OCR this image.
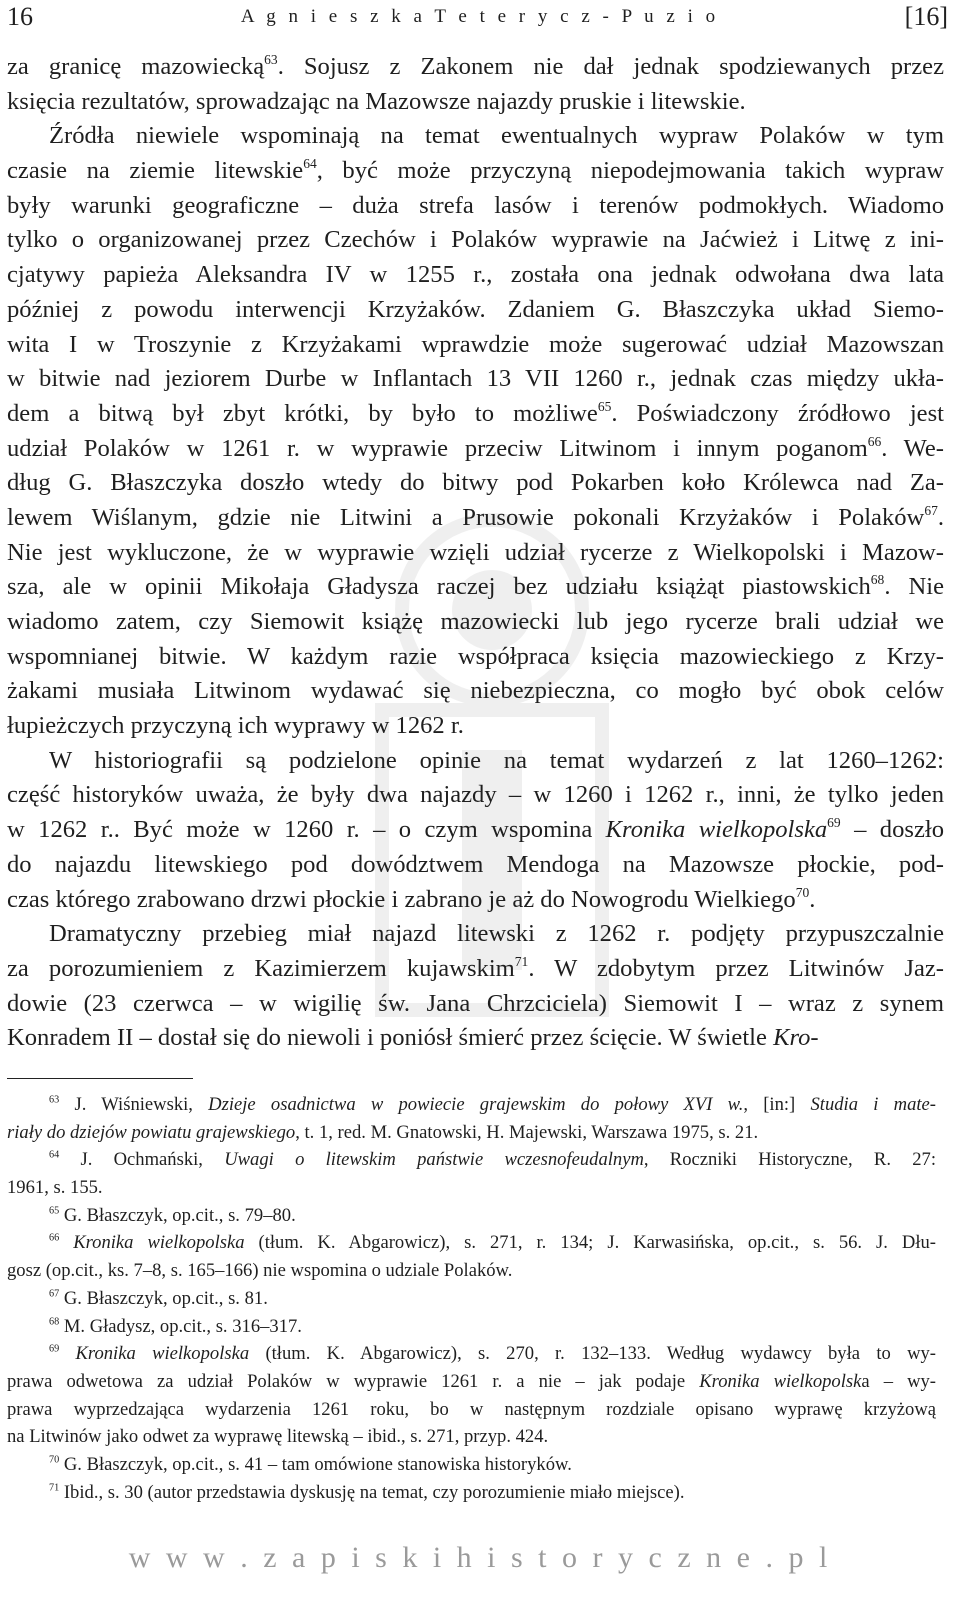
16	A g n i e s z k a T e t e r y c z - P u z i o	[16]
za granicę mazowiecką$^{63}$. Sojusz z Zakonem nie dał jednak spodziewanych przez
księcia rezultatów, sprowadzając na Mazowsze najazdy pruskie i litewskie.
Źródła niewiele wspominają na temat ewentualnych wypraw Polaków w tym
czasie na ziemie litewskie$^{64}$, być może przyczyną niepodejmowania takich wypraw
były warunki geograficzne – duża strefa lasów i terenów podmokłych. Wiadomo
tylko o organizowanej przez Czechów i Polaków wyprawie na Jaćwież i Litwę z ini-
cjatywy papieża Aleksandra IV w 1255 r., została ona jednak odwołana dwa lata
później z powodu interwencji Krzyżaków. Zdaniem G. Błaszczyka układ Siemo-
wita I w Troszynie z Krzyżakami wprawdzie może sugerować udział Mazowszan
w bitwie nad jeziorem Durbe w Inflantach 13 VII 1260 r., jednak czas między ukła-
dem a bitwą był zbyt krótki, by było to możliwe$^{65}$. Poświadczony źródłowo jest
udział Polaków w 1261 r. w wyprawie przeciw Litwinom i innym poganom$^{66}$. We-
dług G. Błaszczyka doszło wtedy do bitwy pod Pokarben koło Królewca nad Za-
lewem Wiślanym, gdzie nie Litwini a Prusowie pokonali Krzyżaków i Polaków$^{67}$.
Nie jest wykluczone, że w wyprawie wzięli udział rycerze z Wielkopolski i Mazow-
sza, ale w opinii Mikołaja Gładysza raczej bez udziału książąt piastowskich$^{68}$. Nie
wiadomo zatem, czy Siemowit książę mazowiecki lub jego rycerze brali udział we
wspomnianej bitwie. W każdym razie współpraca księcia mazowieckiego z Krzy-
żakami musiała Litwinom wydawać się niebezpieczna, co mogło być obok celów
łupieżczych przyczyną ich wyprawy w 1262 r.
W historiografii są podzielone opinie na temat wydarzeń z lat 1260–1262:
część historyków uważa, że były dwa najazdy – w 1260 i 1262 r., inni, że tylko jeden
w 1262 r.. Być może w 1260 r. – o czym wspomina Kronika wielkopolska$^{69}$ – doszło
do najazdu litewskiego pod dowództwem Mendoga na Mazowsze płockie, pod-
czas którego zrabowano drzwi płockie i zabrano je aż do Nowogrodu Wielkiego$^{70}$.
Dramatyczny przebieg miał najazd litewski z 1262 r. podjęty przypuszczalnie
za porozumieniem z Kazimierzem kujawskim$^{71}$. W zdobytym przez Litwinów Jaz-
dowie (23 czerwca – w wigilię św. Jana Chrzciciela) Siemowit I – wraz z synem
Konradem II – dostał się do niewoli i poniósł śmierć przez ścięcie. W świetle Kro-
$^{63}$ J. Wiśniewski, Dzieje osadnictwa w powiecie grajewskim do połowy XVI w., [in:] Studia i mate-
riały do dziejów powiatu grajewskiego, t. 1, red. M. Gnatowski, H. Majewski, Warszawa 1975, s. 21.
$^{64}$ J. Ochmański, Uwagi o litewskim państwie wczesnofeudalnym, Roczniki Historyczne, R. 27:
1961, s. 155.
$^{65}$ G. Błaszczyk, op.cit., s. 79–80.
$^{66}$ Kronika wielkopolska (tłum. K. Abgarowicz), s. 271, r. 134; J. Karwasińska, op.cit., s. 56. J. Dłu-
gosz (op.cit., ks. 7–8, s. 165–166) nie wspomina o udziale Polaków.
$^{67}$ G. Błaszczyk, op.cit., s. 81.
$^{68}$ M. Gładysz, op.cit., s. 316–317.
$^{69}$ Kronika wielkopolska (tłum. K. Abgarowicz), s. 270, r. 132–133. Według wydawcy była to wy-
prawa odwetowa za udział Polaków w wyprawie 1261 r. a nie – jak podaje Kronika wielkopolska – wy-
prawa wyprzedzająca wydarzenia 1261 roku, bo w następnym rozdziale opisano wyprawę krzyżową
na Litwinów jako odwet za wyprawę litewską – ibid., s. 271, przyp. 424.
$^{70}$ G. Błaszczyk, op.cit., s. 41 – tam omówione stanowiska historyków.
$^{71}$ Ibid., s. 30 (autor przedstawia dyskusję na temat, czy porozumienie miało miejsce).
w w w . z a p i s k i h i s t o r y c z n e . p l
